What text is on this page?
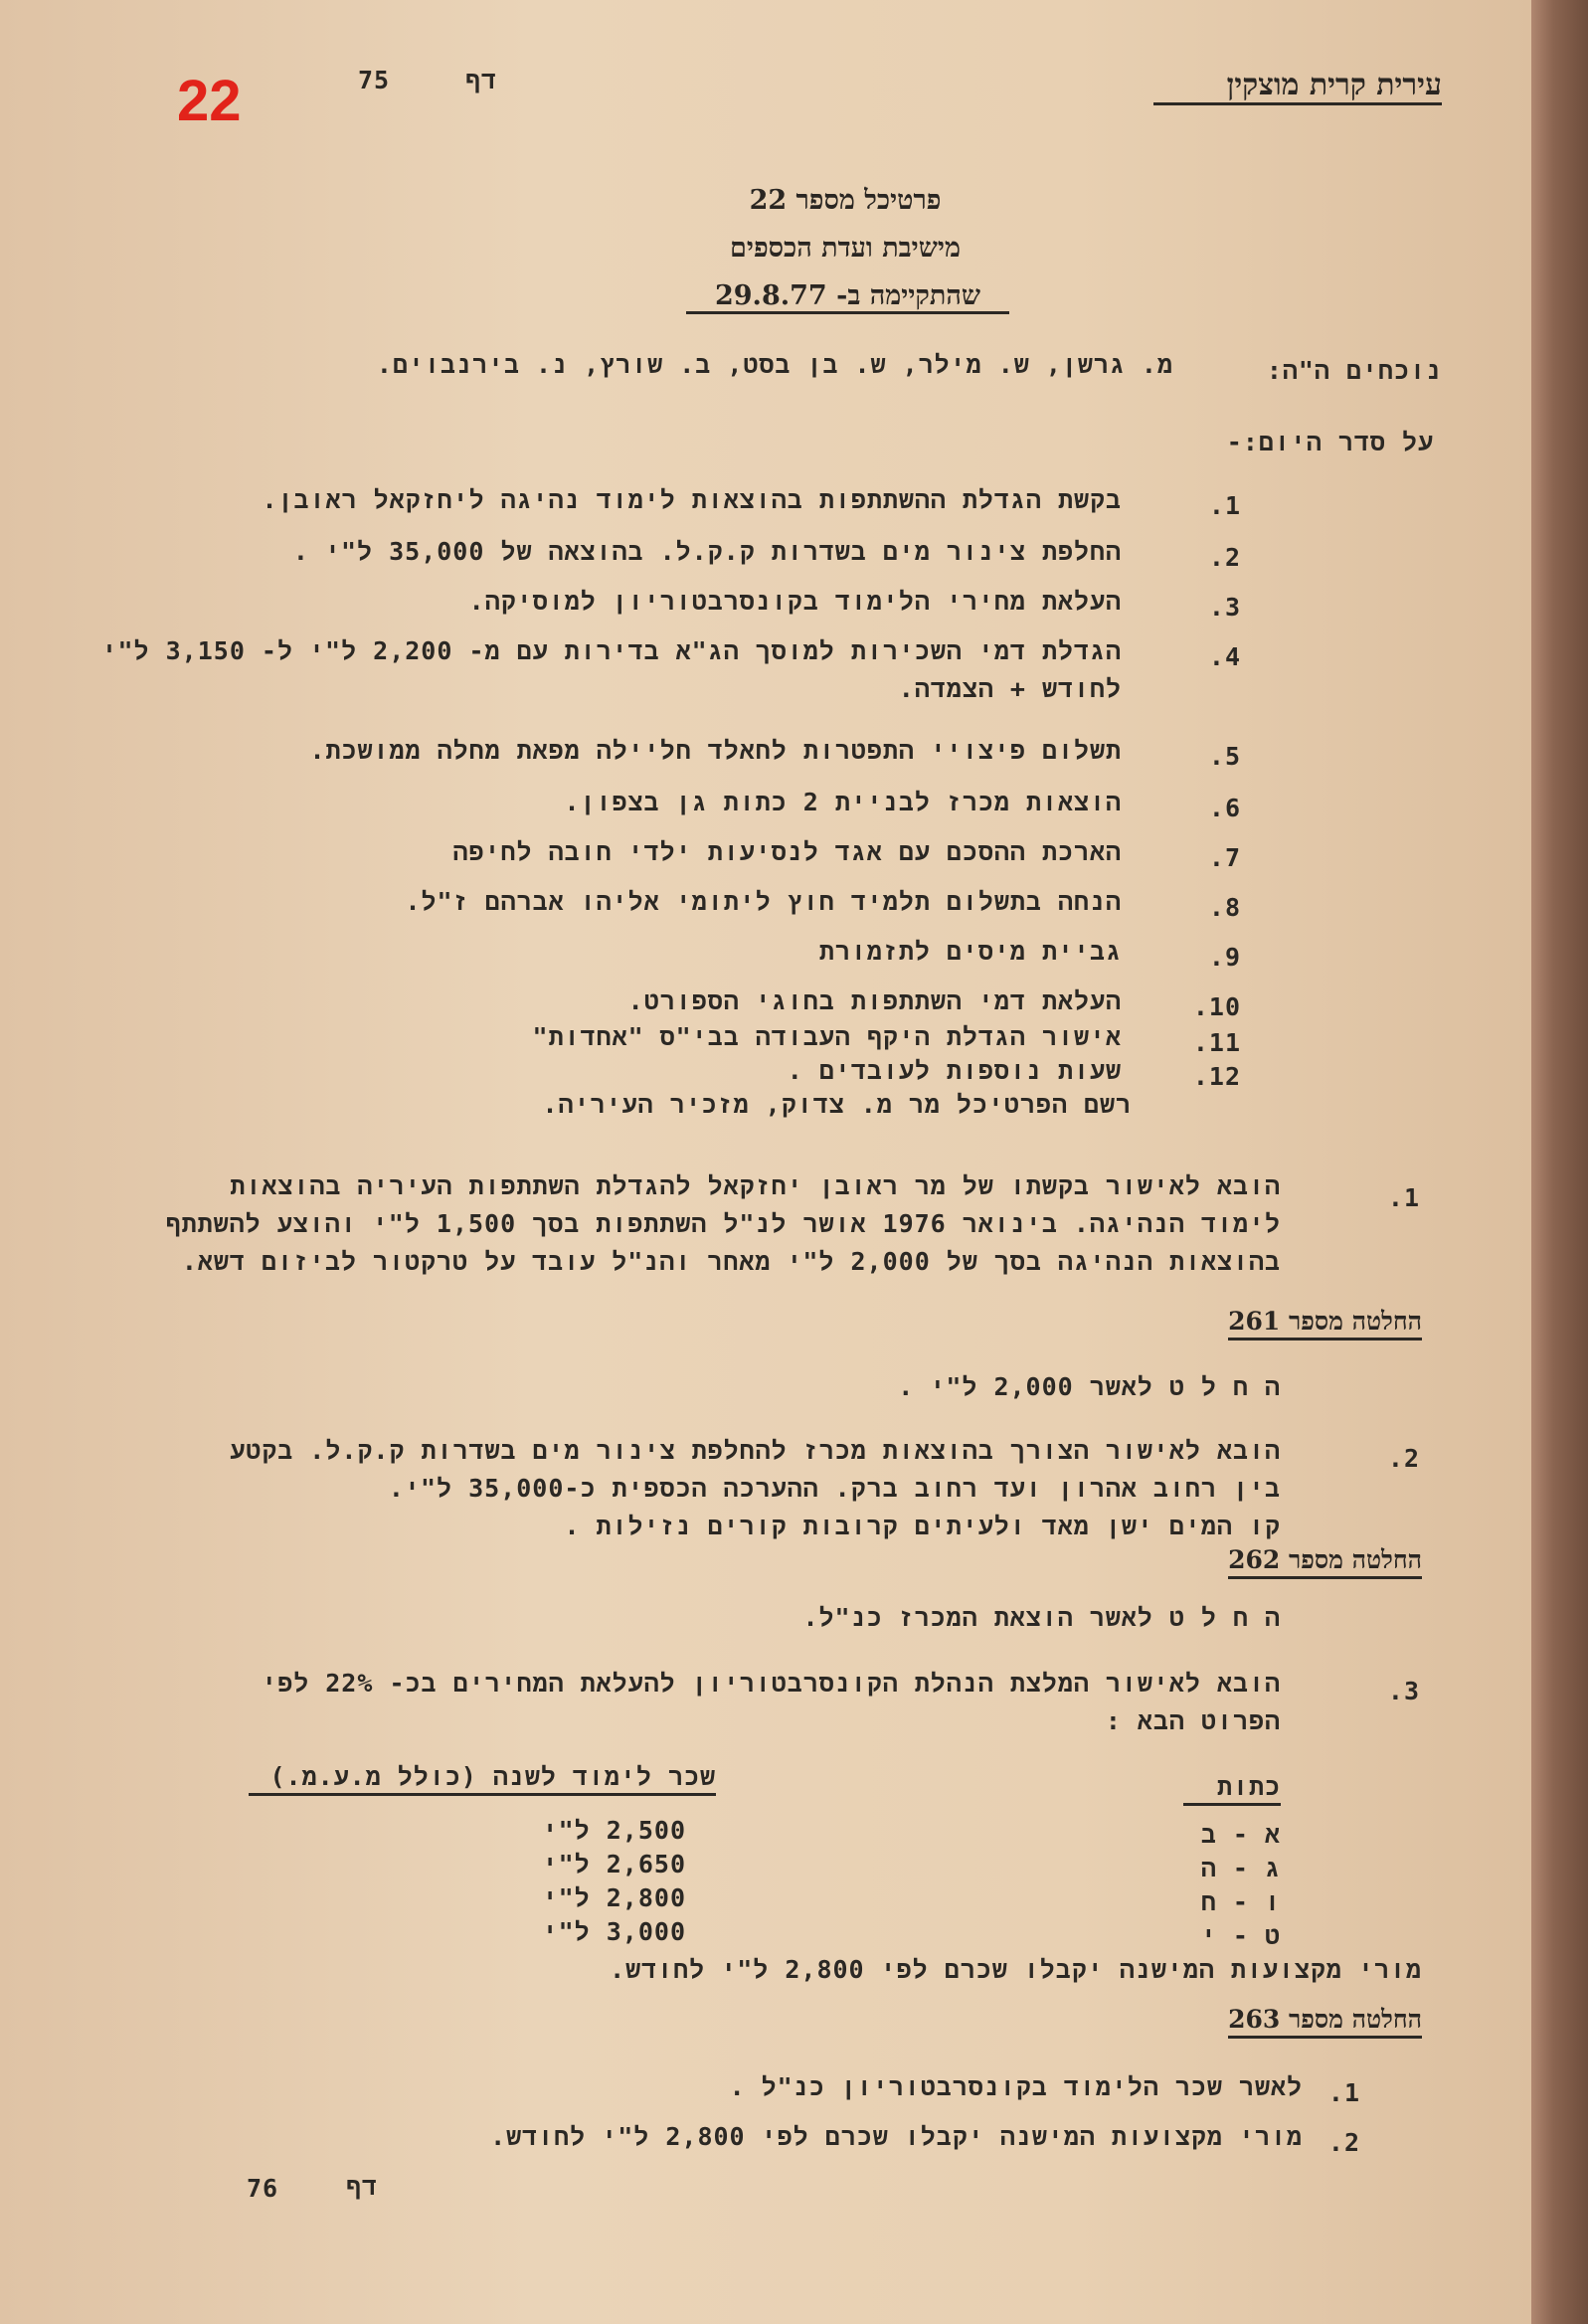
22	75	דף	עירית קרית מוצקין
פרטיכל מספר 22
מישיבת ועדת הכספים
שהתקיימה ב- 29.8.77
נוכחים ה"ה:
מ. גרשן, ש. מילר, ש. בן בסט, ב. שורץ, נ. בירנבוים.
על סדר היום:-
1.
בקשת הגדלת ההשתתפות בהוצאות לימוד נהיגה ליחזקאל ראובן.
2.
החלפת צינור מים בשדרות ק.ק.ל. בהוצאה של 35,000 ל"י .
3.
העלאת מחירי הלימוד בקונסרבטוריון למוסיקה.
4.
הגדלת דמי השכירות למוסך הג"א בדירות עם מ- 2,200 ל"י ל- 3,150 ל"י
לחודש + הצמדה.
5.
תשלום פיצויי התפטרות לחאלד חליילה מפאת מחלה ממושכת.
6.
הוצאות מכרז לבניית 2 כתות גן בצפון.
7.
הארכת ההסכם עם אגד לנסיעות ילדי חובה לחיפה
8.
הנחה בתשלום תלמיד חוץ ליתומי אליהו אברהם ז"ל.
9.
גביית מיסים לתזמורת
10.
העלאת דמי השתתפות בחוגי הספורט.
11.
אישור הגדלת היקף העבודה בבי"ס "אחדות"
12.
שעות נוספות לעובדים .
רשם הפרטיכל מר מ. צדוק, מזכיר העיריה.
1.
הובא לאישור בקשתו של מר ראובן יחזקאל להגדלת השתתפות העיריה בהוצאות
לימוד הנהיגה. בינואר 1976 אושר לנ"ל השתתפות בסך 1,500 ל"י והוצע להשתתף
בהוצאות הנהיגה בסך של 2,000 ל"י מאחר והנ"ל עובד על טרקטור לביזום דשא.
החלטה מספר 261
ה ח ל ט לאשר 2,000 ל"י .
2.
הובא לאישור הצורך בהוצאות מכרז להחלפת צינור מים בשדרות ק.ק.ל. בקטע
בין רחוב אהרון ועד רחוב ברק. ההערכה הכספית כ-35,000 ל"י.
קו המים ישן מאד ולעיתים קרובות קורים נזילות .
החלטה מספר 262
ה ח ל ט לאשר הוצאת המכרז כנ"ל.
3.
הובא לאישור המלצת הנהלת הקונסרבטוריון להעלאת המחירים בכ- 22% לפי
הפרוט הבא :
כתות
שכר לימוד לשנה (כולל מ.ע.מ.)
א - ב
2,500 ל"י
ג - ה
2,650 ל"י
ו - ח
2,800 ל"י
ט - י
3,000 ל"י
מורי מקצועות המישנה יקבלו שכרם לפי 2,800 ל"י לחודש.
החלטה מספר 263
1.
לאשר שכר הלימוד בקונסרבטוריון כנ"ל .
2.
מורי מקצועות המישנה יקבלו שכרם לפי 2,800 ל"י לחודש.
דף
76
